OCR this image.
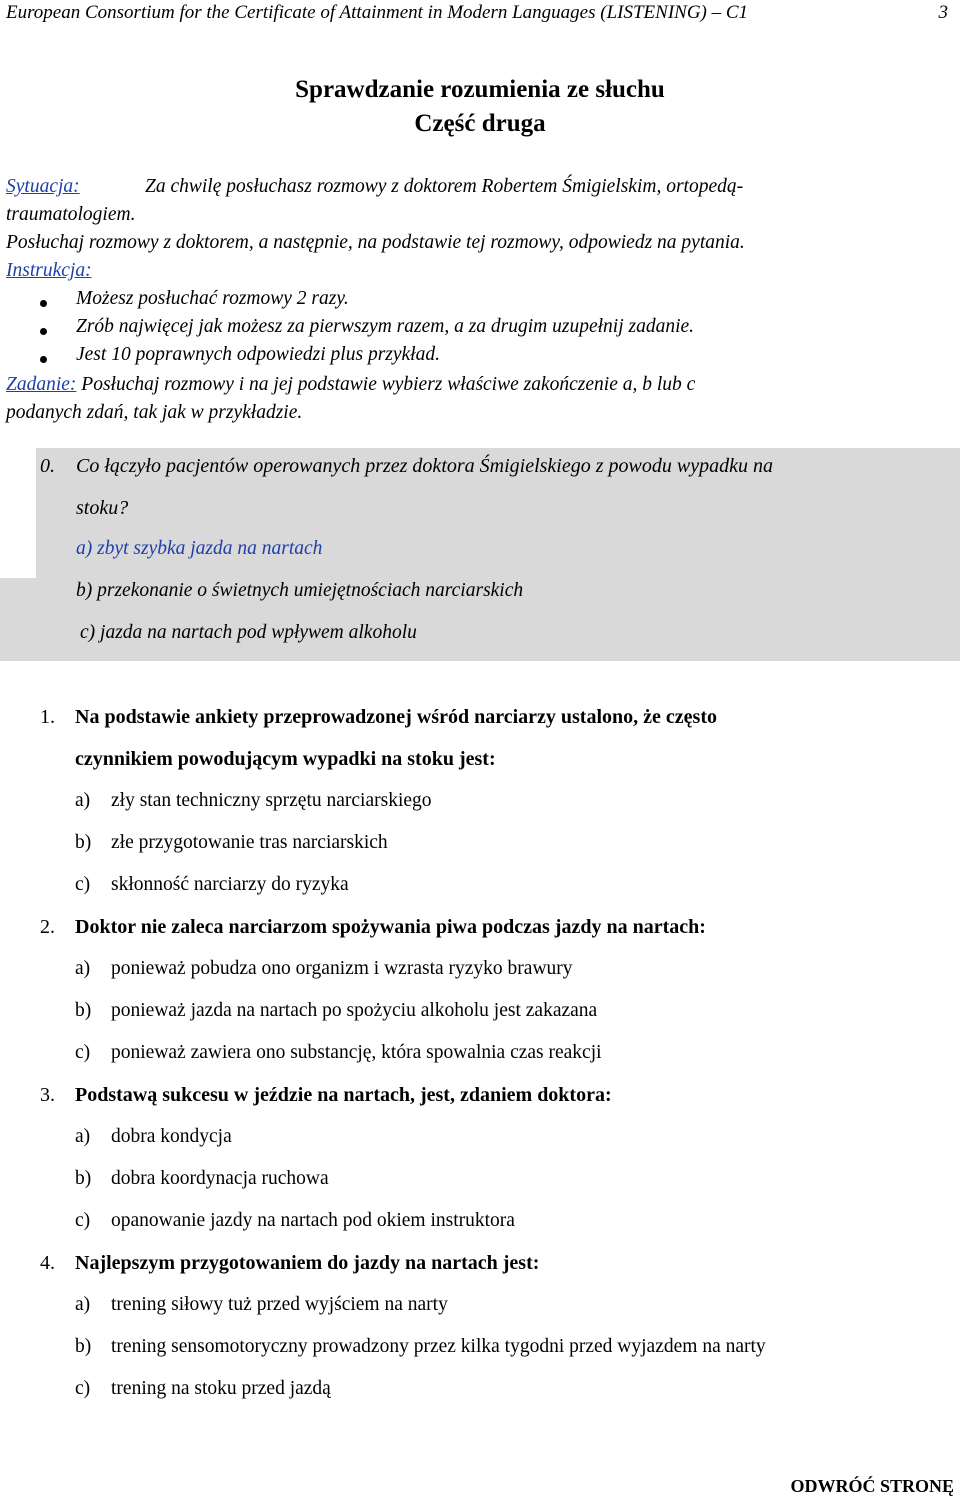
European Consortium for the Certificate of Attainment in Modern Languages (LISTENING) – C1	3
Sprawdzanie rozumienia ze słuchu
Część druga
Sytuacja:	Za chwilę posłuchasz rozmowy z doktorem Robertem Śmigielskim, ortopedą-
traumatologiem.
Posłuchaj rozmowy z doktorem, a następnie, na podstawie tej rozmowy, odpowiedz na pytania.
Instrukcja:
Możesz posłuchać rozmowy 2 razy.
Zrób najwięcej jak możesz za pierwszym razem, a za drugim uzupełnij zadanie.
Jest 10 poprawnych odpowiedzi plus przykład.
Zadanie: Posłuchaj rozmowy i na jej podstawie wybierz właściwe zakończenie a, b lub c
podanych zdań, tak jak w przykładzie.
0. Co łączyło pacjentów operowanych przez doktora Śmigielskiego z powodu wypadku na
stoku?
a) zbyt szybka jazda na nartach
b) przekonanie o świetnych umiejętnościach narciarskich
c) jazda na nartach pod wpływem alkoholu
1. Na podstawie ankiety przeprowadzonej wśród narciarzy ustalono, że często
czynnikiem powodującym wypadki na stoku jest:
a) zły stan techniczny sprzętu narciarskiego
b) złe przygotowanie tras narciarskich
c) skłonność narciarzy do ryzyka
2. Doktor nie zaleca narciarzom spożywania piwa podczas jazdy na nartach:
a) ponieważ pobudza ono organizm i wzrasta ryzyko brawury
b) ponieważ jazda na nartach po spożyciu alkoholu jest zakazana
c) ponieważ zawiera ono substancję, która spowalnia czas reakcji
3. Podstawą sukcesu w jeździe na nartach, jest, zdaniem doktora:
a) dobra kondycja
b) dobra koordynacja ruchowa
c) opanowanie jazdy na nartach pod okiem instruktora
4. Najlepszym przygotowaniem do jazdy na nartach jest:
a) trening siłowy tuż przed wyjściem na narty
b) trening sensomotoryczny prowadzony przez kilka tygodni przed wyjazdem na narty
c) trening na stoku przed jazdą
ODWRÓĆ STRONĘ
